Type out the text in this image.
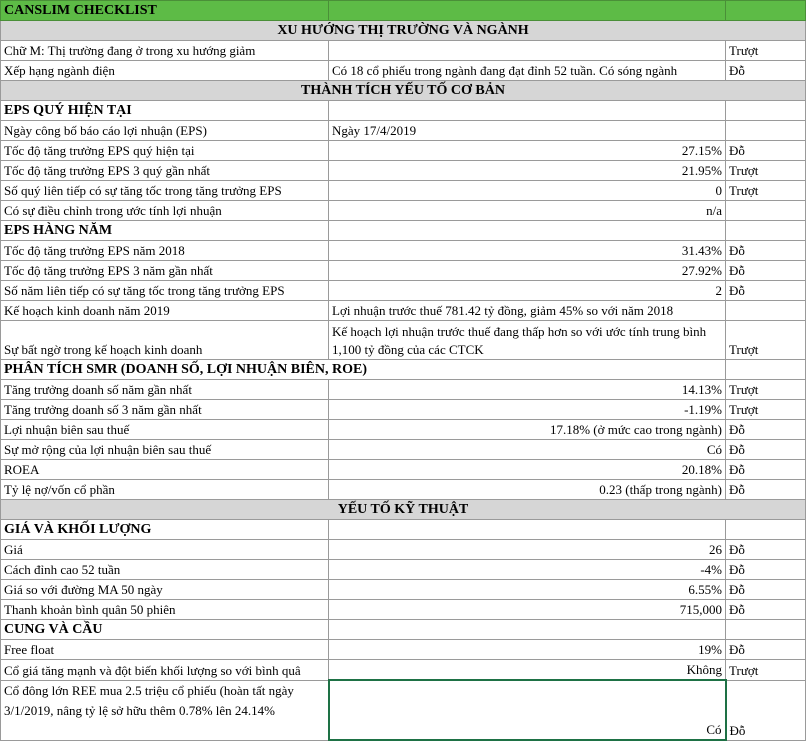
CANSLIM CHECKLIST		
XU HƯỚNG THỊ TRƯỜNG VÀ NGÀNH		
Chữ M: Thị trường đang ở trong xu hướng giảm		Trượt
Xếp hạng ngành điện	Có 18 cổ phiếu trong ngành đang đạt đỉnh 52 tuần. Có sóng ngành	Đỗ
THÀNH TÍCH YẾU TỐ CƠ BẢN		
EPS QUÝ HIỆN TẠI		
Ngày công bố báo cáo lợi nhuận (EPS)	Ngày 17/4/2019	
Tốc độ tăng trưởng EPS quý hiện tại	27.15%	Đỗ
Tốc độ tăng trưởng EPS 3 quý gần nhất	21.95%	Trượt
Số quý liên tiếp có sự tăng tốc trong tăng trưởng EPS	0	Trượt
Có sự điều chỉnh trong ước tính lợi nhuận	n/a	
EPS HÀNG NĂM		
Tốc độ tăng trưởng EPS năm 2018	31.43%	Đỗ
Tốc độ tăng trưởng EPS 3 năm gần nhất	27.92%	Đỗ
Số năm liên tiếp có sự tăng tốc trong tăng trưởng EPS	2	Đỗ
Kế hoạch kinh doanh năm 2019	Lợi nhuận trước thuế 781.42 tỷ đồng, giảm 45% so với năm 2018	
Sự bất ngờ trong kế hoạch kinh doanh	Kế hoạch lợi nhuận trước thuế đang thấp hơn so với ước tính trung bình 1,100 tỷ đồng của các CTCK	Trượt
PHÂN TÍCH SMR (DOANH SỐ, LỢI NHUẬN BIÊN, ROE)		
Tăng trưởng doanh số năm gần nhất	14.13%	Trượt
Tăng trưởng doanh số 3 năm gần nhất	-1.19%	Trượt
Lợi nhuận biên sau thuế	17.18% (ở mức cao trong ngành)	Đỗ
Sự mở rộng của lợi nhuận biên sau thuế	Có	Đỗ
ROEA	20.18%	Đỗ
Tỷ lệ nợ/vốn cổ phần	0.23 (thấp trong ngành)	Đỗ
YẾU TỐ KỸ THUẬT		
GIÁ VÀ KHỐI LƯỢNG		
Giá	26	Đỗ
Cách đỉnh cao 52 tuần	-4%	Đỗ
Giá so với đường MA 50 ngày	6.55%	Đỗ
Thanh khoản bình quân 50 phiên	715,000	Đỗ
CUNG VÀ CẦU		
Free float	19%	Đỗ
Cổ giá tăng mạnh và đột biến khối lượng so với bình quâ	Không	Trượt
Cổ đông lớn REE mua 2.5 triệu cổ phiếu (hoàn tất ngày 3/1/2019, nâng tỷ lệ sở hữu thêm 0.78% lên 24.14%	Có	Đỗ
